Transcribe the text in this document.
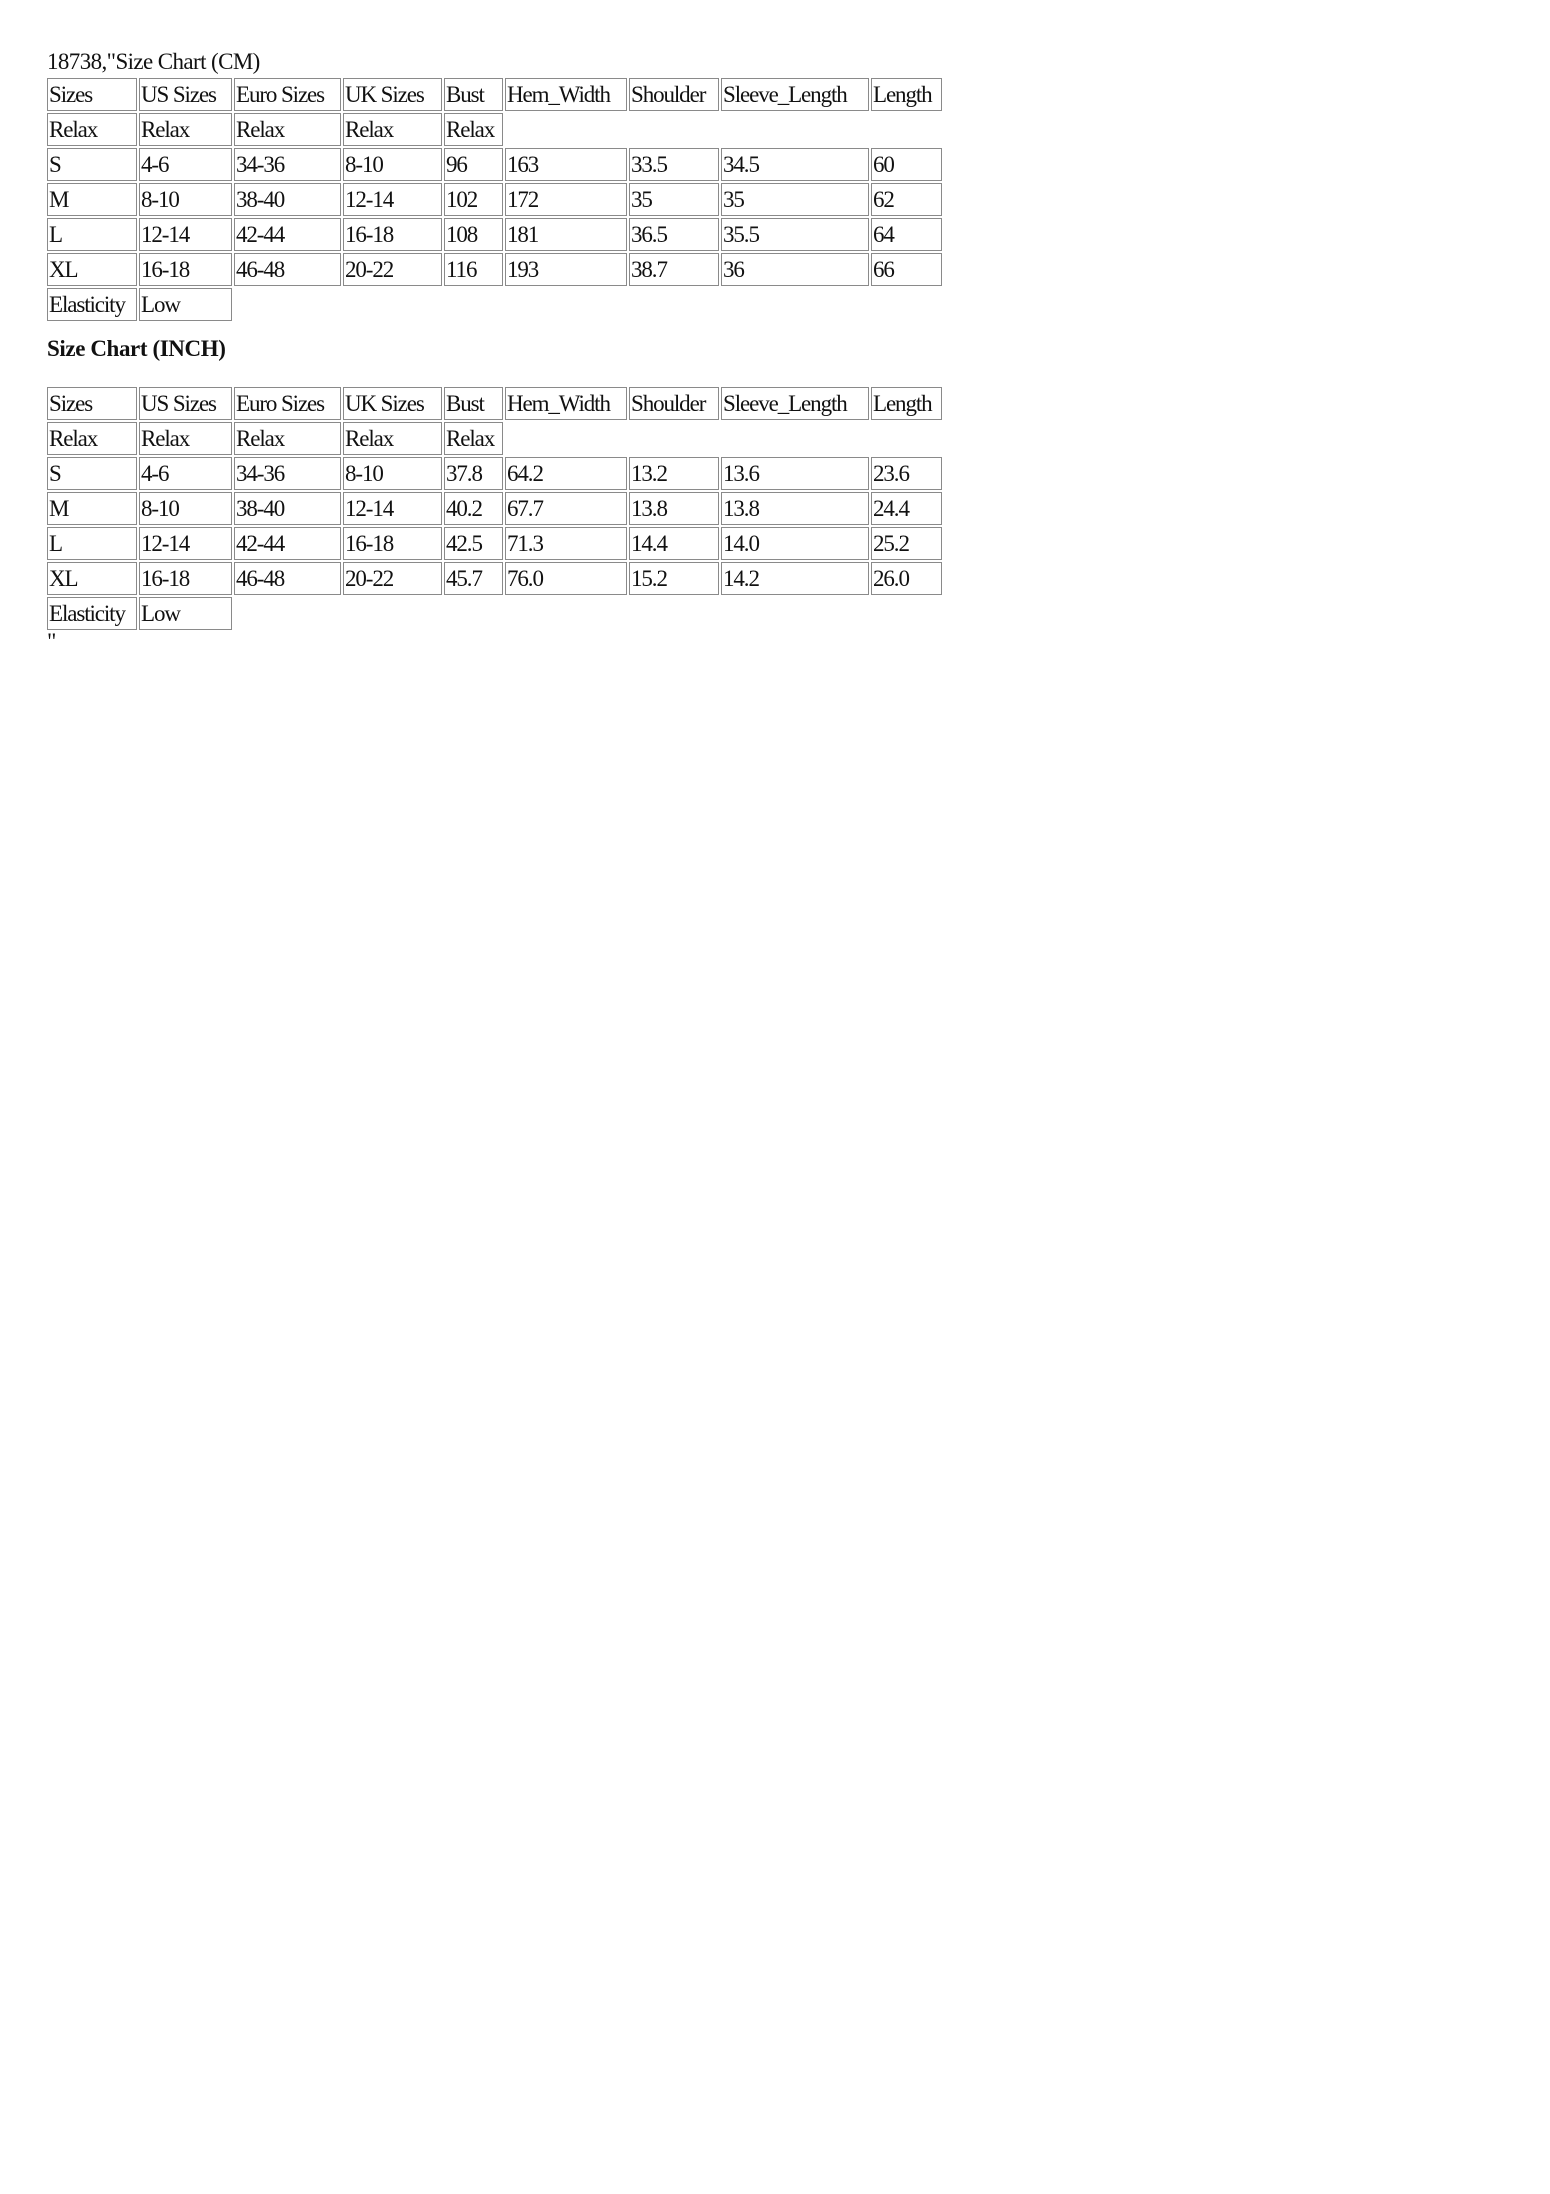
18738,"Size Chart (CM)
Sizes	US Sizes	Euro Sizes	UK Sizes	Bust	Hem_Width	Shoulder	Sleeve_Length	Length
Relax	Relax	Relax	Relax	Relax				
S	4-6	34-36	8-10	96	163	33.5	34.5	60
M	8-10	38-40	12-14	102	172	35	35	62
L	12-14	42-44	16-18	108	181	36.5	35.5	64
XL	16-18	46-48	20-22	116	193	38.7	36	66
Elasticity	Low							
Size Chart (INCH)
Sizes	US Sizes	Euro Sizes	UK Sizes	Bust	Hem_Width	Shoulder	Sleeve_Length	Length
Relax	Relax	Relax	Relax	Relax				
S	4-6	34-36	8-10	37.8	64.2	13.2	13.6	23.6
M	8-10	38-40	12-14	40.2	67.7	13.8	13.8	24.4
L	12-14	42-44	16-18	42.5	71.3	14.4	14.0	25.2
XL	16-18	46-48	20-22	45.7	76.0	15.2	14.2	26.0
Elasticity	Low							
"
